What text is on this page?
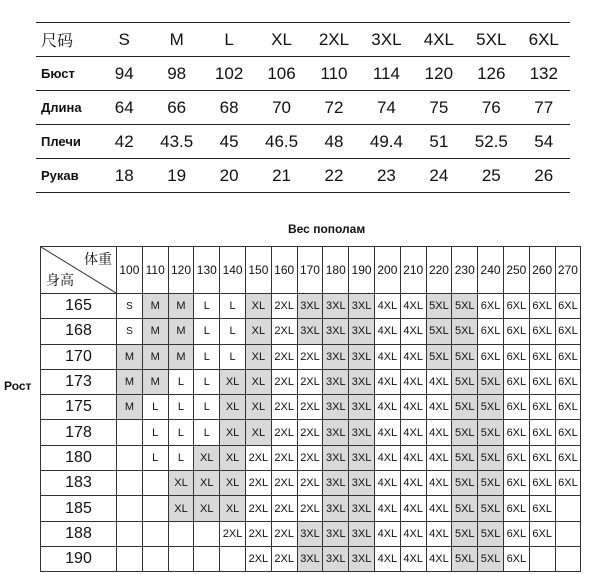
尺码	S	M	L	XL	2XL	3XL	4XL	5XL	6XL
Бюст	94	98	102	106	110	114	120	126	132
Длина	64	66	68	70	72	74	75	76	77
Плечи	42	43.5	45	46.5	48	49.4	51	52.5	54
Рукав	18	19	20	21	22	23	24	25	26
Вес пополам
Рост
体重
身高	100	110	120	130	140	150	160	170	180	190	200	210	220	230	240	250	260	270
165	S	M	M	L	L	XL	2XL	3XL	3XL	3XL	4XL	4XL	5XL	5XL	6XL	6XL	6XL	6XL
168	S	M	M	L	L	XL	2XL	3XL	3XL	3XL	4XL	4XL	5XL	5XL	6XL	6XL	6XL	6XL
170	M	M	M	L	L	XL	2XL	2XL	3XL	3XL	4XL	4XL	5XL	5XL	6XL	6XL	6XL	6XL
173	M	M	L	L	XL	XL	2XL	2XL	3XL	3XL	4XL	4XL	4XL	5XL	5XL	6XL	6XL	6XL
175	M	L	L	L	XL	XL	2XL	2XL	3XL	3XL	4XL	4XL	4XL	5XL	5XL	6XL	6XL	6XL
178		L	L	L	XL	XL	2XL	2XL	3XL	3XL	4XL	4XL	4XL	5XL	5XL	6XL	6XL	6XL
180		L	L	XL	XL	2XL	2XL	2XL	3XL	3XL	4XL	4XL	4XL	5XL	5XL	6XL	6XL	6XL
183			XL	XL	XL	2XL	2XL	2XL	3XL	3XL	4XL	4XL	4XL	5XL	5XL	6XL	6XL	6XL
185			XL	XL	XL	2XL	2XL	2XL	3XL	3XL	4XL	4XL	4XL	5XL	5XL	6XL	6XL	
188					2XL	2XL	2XL	3XL	3XL	3XL	4XL	4XL	4XL	5XL	5XL	6XL	6XL	
190						2XL	2XL	3XL	3XL	3XL	4XL	4XL	4XL	5XL	5XL	6XL		
